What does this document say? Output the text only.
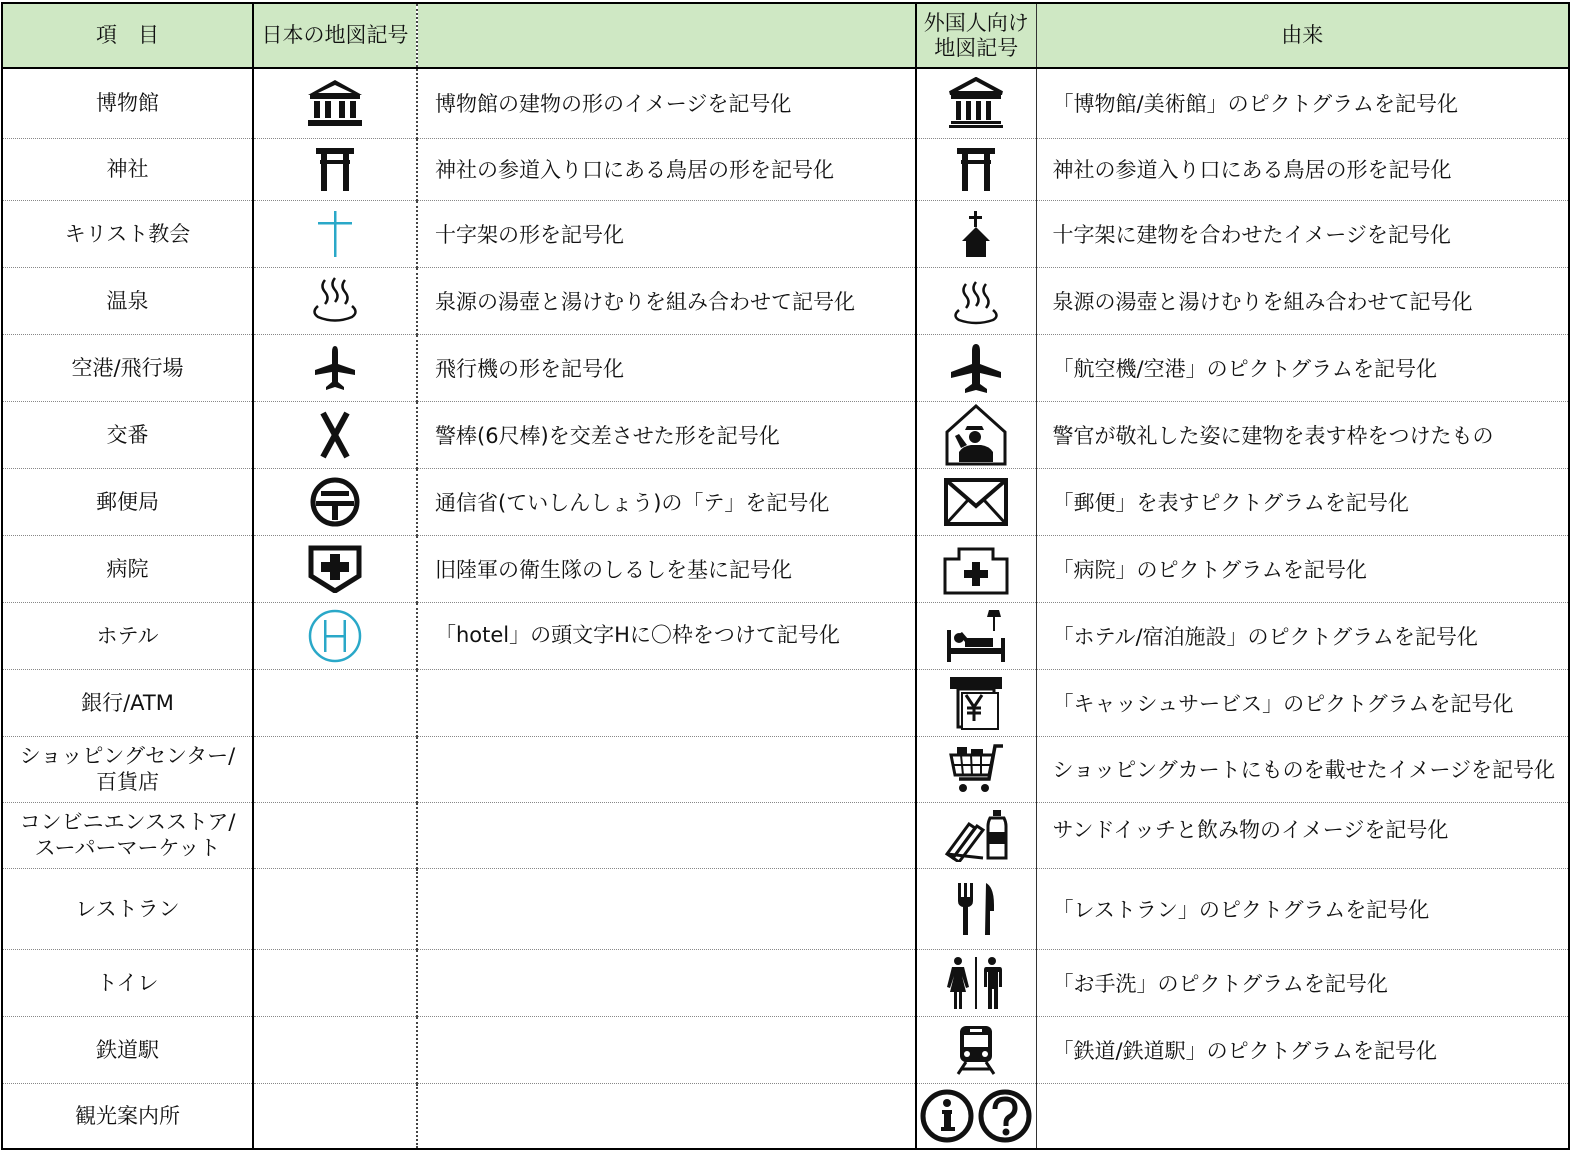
項　目	日本の地図記号		外国人向け
地図記号	由来
博物館		博物館の建物の形のイメージを記号化		「博物館/美術館」のピクトグラムを記号化
神社		神社の参道入り口にある鳥居の形を記号化		神社の参道入り口にある鳥居の形を記号化
キリスト教会		十字架の形を記号化		十字架に建物を合わせたイメージを記号化
温泉		泉源の湯壺と湯けむりを組み合わせて記号化		泉源の湯壺と湯けむりを組み合わせて記号化
空港/飛行場		飛行機の形を記号化		「航空機/空港」のピクトグラムを記号化
交番		警棒(6尺棒)を交差させた形を記号化		警官が敬礼した姿に建物を表す枠をつけたもの
郵便局		通信省(ていしんしょう)の「テ」を記号化		「郵便」を表すピクトグラムを記号化
病院		旧陸軍の衛生隊のしるしを基に記号化		「病院」のピクトグラムを記号化
ホテル		「hotel」の頭文字Hに〇枠をつけて記号化		「ホテル/宿泊施設」のピクトグラムを記号化
銀行/ATM				「キャッシュサービス」のピクトグラムを記号化

ショッピングセンター/
百貨店				ショッピングカートにものを載せたイメージを記号化

コンビニエンスストア/
スーパーマーケット				サンドイッチと飲み物のイメージを記号化
レストラン				「レストラン」のピクトグラムを記号化
トイレ				「お手洗」のピクトグラムを記号化
鉄道駅				「鉄道/鉄道駅」のピクトグラムを記号化
観光案内所			
